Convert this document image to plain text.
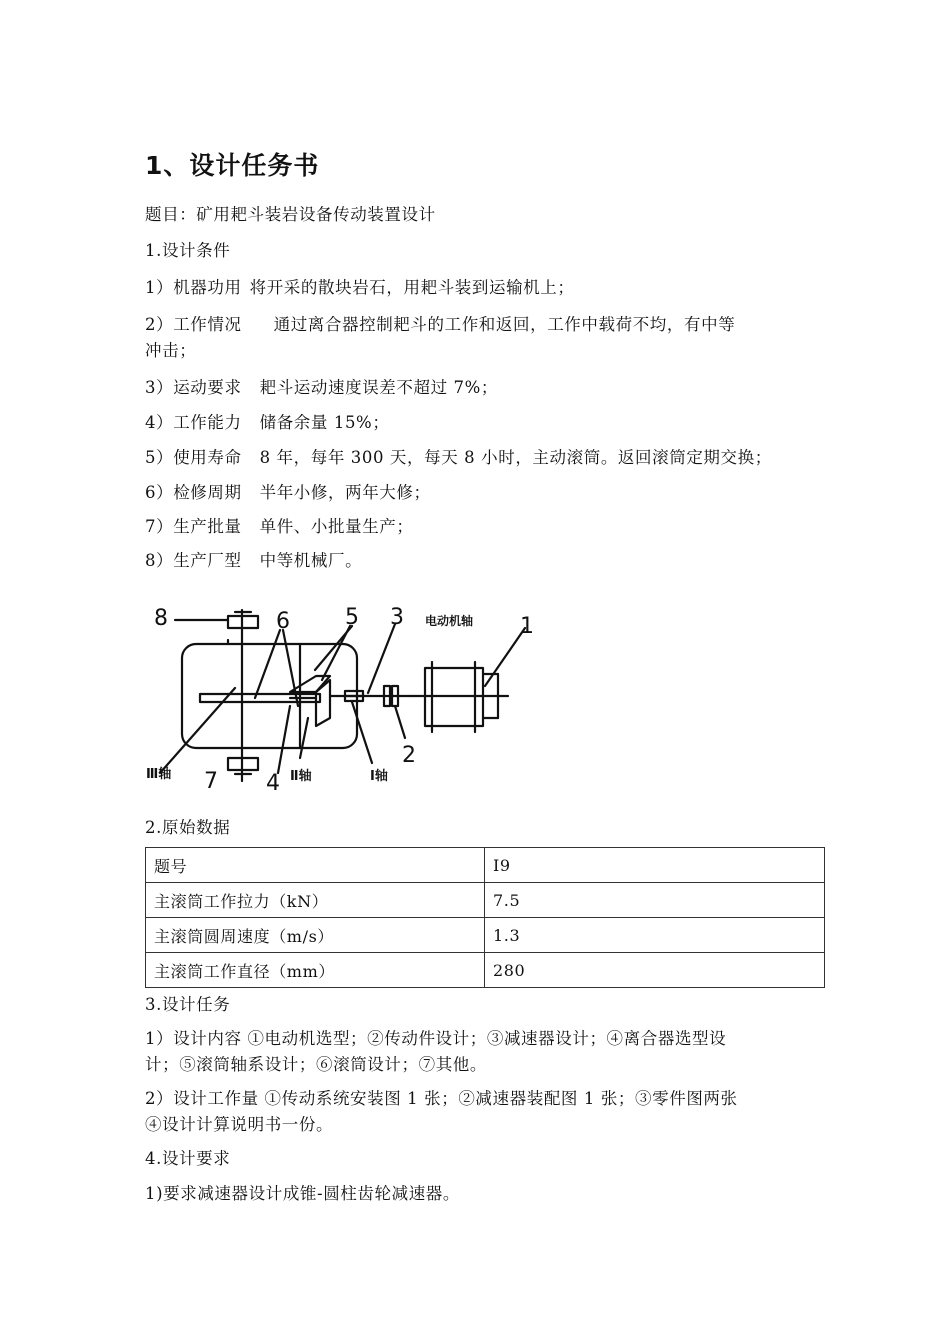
1、设计任务书
题目：矿用耙斗装岩设备传动装置设计
1.设计条件
1）机器功用 将开采的散块岩石，用耙斗装到运输机上；
2）工作情况 通过离合器控制耙斗的工作和返回，工作中载荷不均，有中等
冲击；
3）运动要求 耙斗运动速度误差不超过 7%；
4）工作能力 储备余量 15%；
5）使用寿命 8 年，每年 300 天，每天 8 小时，主动滚筒。返回滚筒定期交换；
6）检修周期 半年小修，两年大修；
7）生产批量 单件、小批量生产；
8）生产厂型 中等机械厂。
8	6	5 3 电动机轴 1
2
4
7
Ⅲ轴	Ⅱ轴	Ⅰ轴
2.原始数据
题号	I9
主滚筒工作拉力（kN）	7.5
主滚筒圆周速度（m/s）	1.3
主滚筒工作直径（mm）	280
3.设计任务
1）设计内容 ①电动机选型；②传动件设计；③减速器设计；④离合器选型设
计；⑤滚筒轴系设计；⑥滚筒设计；⑦其他。
2）设计工作量 ①传动系统安装图 1 张；②减速器装配图 1 张；③零件图两张
④设计计算说明书一份。
4.设计要求
1)要求减速器设计成锥-圆柱齿轮减速器。
